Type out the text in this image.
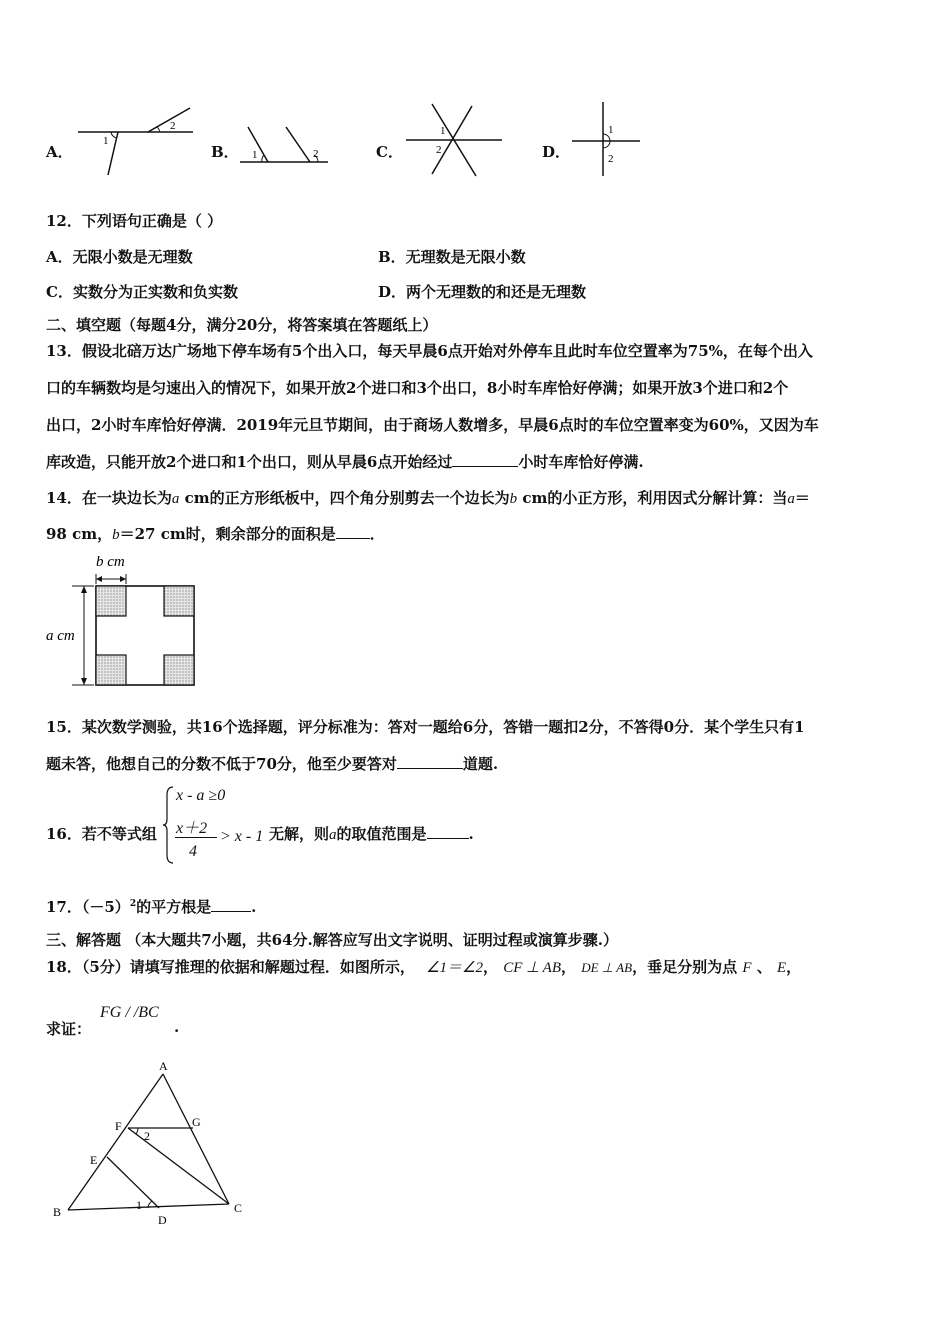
A．
1
2
B． 1	2	C．
1
2	D．
1
2
12．下列语句正确是（ ）
A．无限小数是无理数	B．无理数是无限小数
C．实数分为正实数和负实数	D．两个无理数的和还是无理数
二、填空题（每题4分，满分20分，将答案填在答题纸上）
13．假设北碚万达广场地下停车场有5个出入口，每天早晨6点开始对外停车且此时车位空置率为75%，在每个出入
口的车辆数均是匀速出入的情况下，如果开放2个进口和3个出口，8小时车库恰好停满；如果开放3个进口和2个
出口，2小时车库恰好停满．2019年元旦节期间，由于商场人数增多，早晨6点时的车位空置率变为60%，又因为车
库改造，只能开放2个进口和1个出口，则从早晨6点开始经过	小时车库恰好停满.
14．在一块边长为a cm的正方形纸板中，四个角分别剪去一个边长为b cm的小正方形，利用因式分解计算：当a＝
98 cm，b＝27 cm时，剩余部分的面积是 ．
b cm
a cm
15．某次数学测验，共16个选择题，评分标准为：答对一题给6分，答错一题扣2分，不答得0分．某个学生只有1
题未答，他想自己的分数不低于70分，他至少要答对	道题.
16．若不等式组
x - a ≥0
x＋2
4
> x - 1 无解，则a的取值范围是	.
17．$(-5)^2$的平方根是	.
三、解答题 （本大题共7小题，共64分.解答应写出文字说明、证明过程或演算步骤.）
18．（5分）请填写推理的依据和解题过程．如图所示， ∠1＝∠2， CF ⊥ AB， DE ⊥ AB，垂足分别为点 F 、 E，
求证：
FG / /BC
.
A
B	C
D
E
F	G
1
2
